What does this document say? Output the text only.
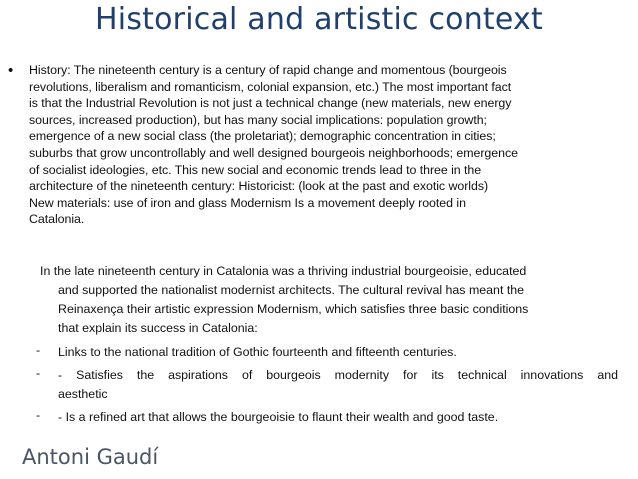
Historical and artistic context
• History: The nineteenth century is a century of rapid change and momentous (bourgeois
revolutions, liberalism and romanticism, colonial expansion, etc.) The most important fact
is that the Industrial Revolution is not just a technical change (new materials, new energy
sources, increased production), but has many social implications: population growth;
emergence of a new social class (the proletariat); demographic concentration in cities;
suburbs that grow uncontrollably and well designed bourgeois neighborhoods; emergence
of socialist ideologies, etc. This new social and economic trends lead to three in the
architecture of the nineteenth century: Historicist: (look at the past and exotic worlds)
New materials: use of iron and glass Modernism Is a movement deeply rooted in
Catalonia.
In the late nineteenth century in Catalonia was a thriving industrial bourgeoisie, educated
and supported the nationalist modernist architects. The cultural revival has meant the
Reinaxença their artistic expression Modernism, which satisfies three basic conditions
that explain its success in Catalonia:
- Links to the national tradition of Gothic fourteenth and fifteenth centuries.
- - Satisfies the aspirations of bourgeois modernity for its technical innovations and
aesthetic
- - Is a refined art that allows the bourgeoisie to flaunt their wealth and good taste.
Antoni Gaudí
